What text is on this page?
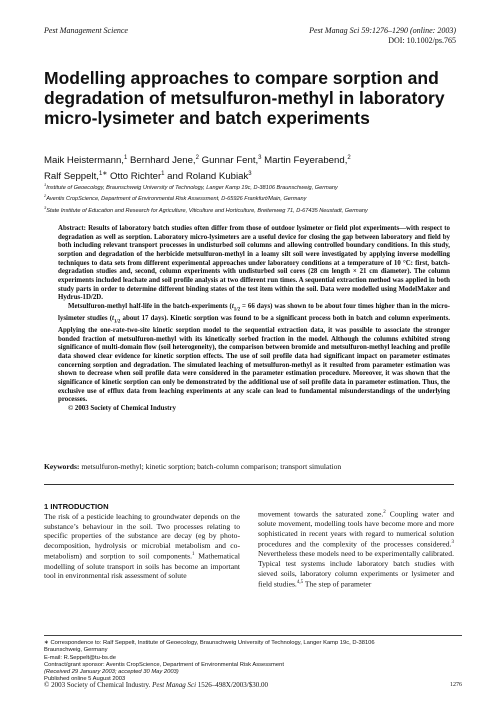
Pest Management Science	Pest Manag Sci 59:1276–1290 (online: 2003)
DOI: 10.1002/ps.765
Modelling approaches to compare sorption and degradation of metsulfuron-methyl in laboratory micro-lysimeter and batch experiments
Maik Heistermann,$^1$ Bernhard Jene,$^2$ Gunnar Fent,$^3$ Martin Feyerabend,$^2$
Ralf Seppelt,$^{1∗}$ Otto Richter$^1$ and Roland Kubiak$^3$
$^1$Institute of Geoecology, Braunschweig University of Technology, Langer Kamp 19c, D-38106 Braunschweig, Germany
$^2$Aventis CropScience, Department of Environmental Risk Assessment, D-65926 Frankfurt/Main, Germany
$^3$State Institute of Education and Research for Agriculture, Viticulture and Horticulture, Breitenweg 71, D-67435 Neustadt, Germany

Abstract: Results of laboratory batch studies often differ from those of outdoor lysimeter or field plot experiments—with respect to degradation as well as sorption. Laboratory micro-lysimeters are a useful device for closing the gap between laboratory and field by both including relevant transport processes in undisturbed soil columns and allowing controlled boundary conditions. In this study, sorption and degradation of the herbicide metsulfuron-methyl in a loamy silt soil were investigated by applying inverse modelling techniques to data sets from different experimental approaches under laboratory conditions at a temperature of 10 °C: first, batch-degradation studies and, second, column experiments with undisturbed soil cores (28 cm length × 21 cm diameter). The column experiments included leachate and soil profile analysis at two different run times. A sequential extraction method was applied in both study parts in order to determine different binding states of the test item within the soil. Data were modelled using ModelMaker and Hydrus-1D/2D.

Metsulfuron-methyl half-life in the batch-experiments ($t_{1/2} = 66$ days) was shown to be about four times higher than in the micro-lysimeter studies ($t_{1/2}$ about 17 days). Kinetic sorption was found to be a significant process both in batch and column experiments. Applying the one-rate-two-site kinetic sorption model to the sequential extraction data, it was possible to associate the stronger bonded fraction of metsulfuron-methyl with its kinetically sorbed fraction in the model. Although the columns exhibited strong significance of multi-domain flow (soil heterogeneity), the comparison between bromide and metsulfuron-methyl leaching and profile data showed clear evidence for kinetic sorption effects. The use of soil profile data had significant impact on parameter estimates concerning sorption and degradation. The simulated leaching of metsulfuron-methyl as it resulted from parameter estimation was shown to decrease when soil profile data were considered in the parameter estimation procedure. Moreover, it was shown that the significance of kinetic sorption can only be demonstrated by the additional use of soil profile data in parameter estimation. Thus, the exclusive use of efflux data from leaching experiments at any scale can lead to fundamental misunderstandings of the underlying processes.

© 2003 Society of Chemical Industry

Keywords: metsulfuron-methyl; kinetic sorption; batch-column comparison; transport simulation
1 INTRODUCTION

The risk of a pesticide leaching to groundwater depends on the substance’s behaviour in the soil. Two processes relating to specific properties of the substance are decay (eg by photo-decomposition, hydrolysis or microbial metabolism and co-metabolism) and sorption to soil components.$^1$ Mathematical modelling of solute transport in soils has become an important tool in environmental risk assessment of solute

movement towards the saturated zone.$^2$ Coupling water and solute movement, modelling tools have become more and more sophisticated in recent years with regard to numerical solution procedures and the complexity of the processes considered.$^3$ Nevertheless these models need to be experimentally calibrated. Typical test systems include laboratory batch studies with sieved soils, laboratory column experiments or lysimeter and field studies.$^{4,5}$ The step of parameter

∗ Correspondence to: Ralf Seppelt, Institute of Geoecology, Braunschweig University of Technology, Langer Kamp 19c, D-38106
Braunschweig, Germany
E-mail: R.Seppelt@tu-bs.de
Contract/grant sponsor: Aventis CropScience, Department of Environmental Risk Assessment
(Received 29 January 2003; accepted 30 May 2003)
Published online 5 August 2003
© 2003 Society of Chemical Industry. Pest Manag Sci 1526–498X/2003/$30.00	1276
